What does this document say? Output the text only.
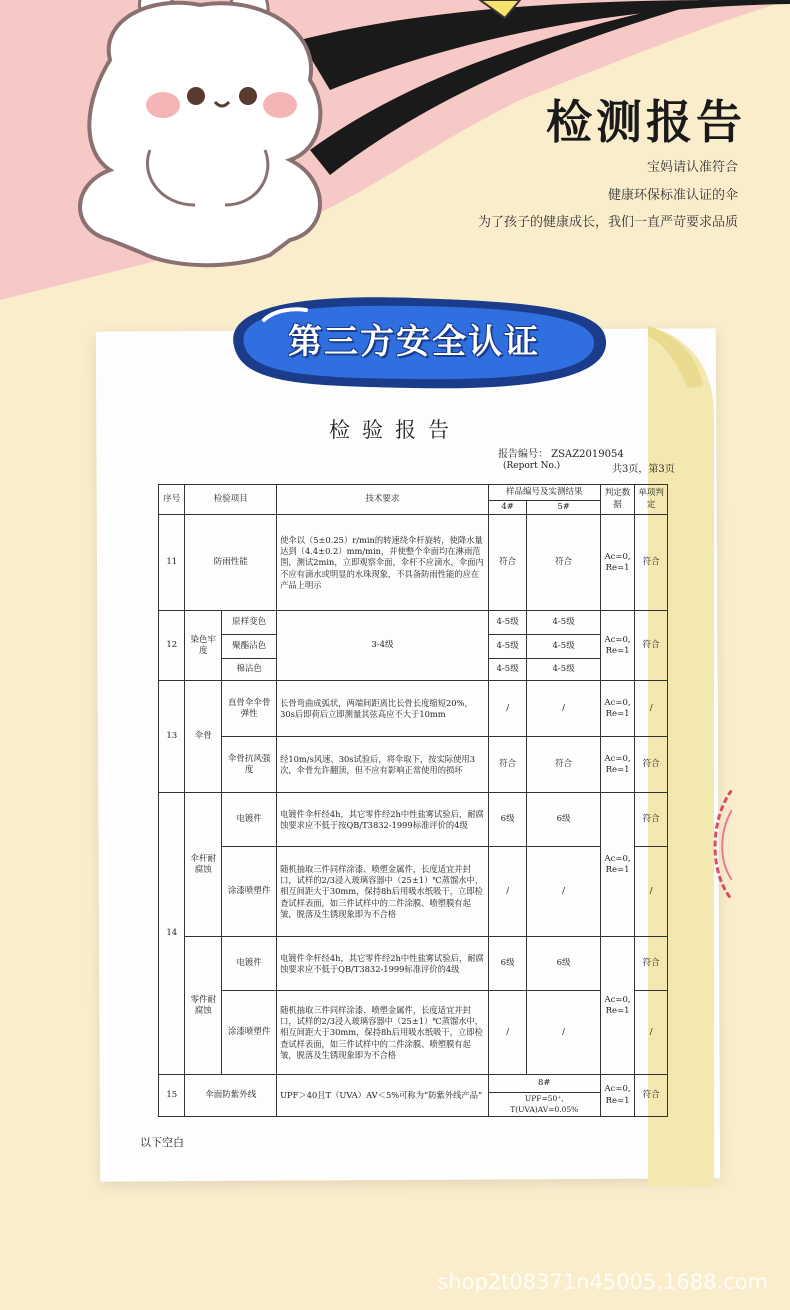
检测报告
宝妈请认准符合
健康环保标准认证的伞
为了孩子的健康成长，我们一直严苛要求品质
第三方安全认证
检验报告
报告编号： ZSAZ2019054
(Report No.)	共3页，第3页
序号	检验项目		技术要求	样品编号及实测结果		判定数据	单项判定
				4#	5#		
11	防雨性能		使伞以（5±0.25）r/min的转速绕伞杆旋转，使降水量达到（4.4±0.2）mm/min，并使整个伞面均在淋雨范围，测试2min，立即观察伞面，伞杆不应滴水，伞面内不应有滴水或明显的水珠现象，不具备防雨性能的应在产品上明示	符合	符合	Ac=0, Re=1	符合
12	染色牢度	原样变色	3-4级	4-5级	4-5级	Ac=0, Re=1	符合
		聚酯沾色		4-5级	4-5级		
		棉沾色		4-5级	4-5级		
13	伞骨	直骨伞伞骨弹性	长骨弯曲成弧状，两端间距离比长骨长度缩短20%，30s后即荷后立即测量其弦高应不大于10mm	/	/	Ac=0, Re=1	/
		伞骨抗风强度	经10m/s风速、30s试验后，将伞取下，按实际使用3次，伞骨允许翻顶，但不应有影响正常使用的损坏	符合	符合	Ac=0, Re=1	符合
14	伞杆耐腐蚀	电镀件	电镀件伞杆经4h，其它零件经2h中性盐雾试验后，耐腐蚀要求应不低于按QB/T3832-1999标准评价的4级	6级	6级	Ac=0, Re=1	符合
		涂漆喷塑件	随机抽取三件同样涂漆、喷塑金属件，长度适宜并封口，试样的2/3浸入玻璃容器中（25±1）℃蒸馏水中，相互间距大于30mm，保持8h后用吸水纸吸干，立即检查试样表面，如三件试样中的二件涂膜、喷塑膜有起皱，脱落及生锈现象即为不合格	/	/		/
	零件耐腐蚀	电镀件	电镀件伞杆经4h，其它零件经2h中性盐雾试验后，耐腐蚀要求应不低于QB/T3832-1999标准评价的4级	6级	6级	Ac=0, Re=1	符合
		涂漆喷塑件	随机抽取三件同样涂漆、喷塑金属件，长度适宜并封口，试样的2/3浸入玻璃容器中（25±1）℃蒸馏水中，相互间距大于30mm，保持8h后用吸水纸吸干，立即检查试样表面，如三件试样中的二件涂膜、喷塑膜有起皱，脱落及生锈现象即为不合格	/	/		/
15	伞面防紫外线		UPF＞40且T（UVA）AV＜5%可称为“防紫外线产品”	8#		Ac=0, Re=1	符合
				UPF=50⁺, T(UVA)AV=0.05%			
以下空白
shop2t08371n45005.1688.com
